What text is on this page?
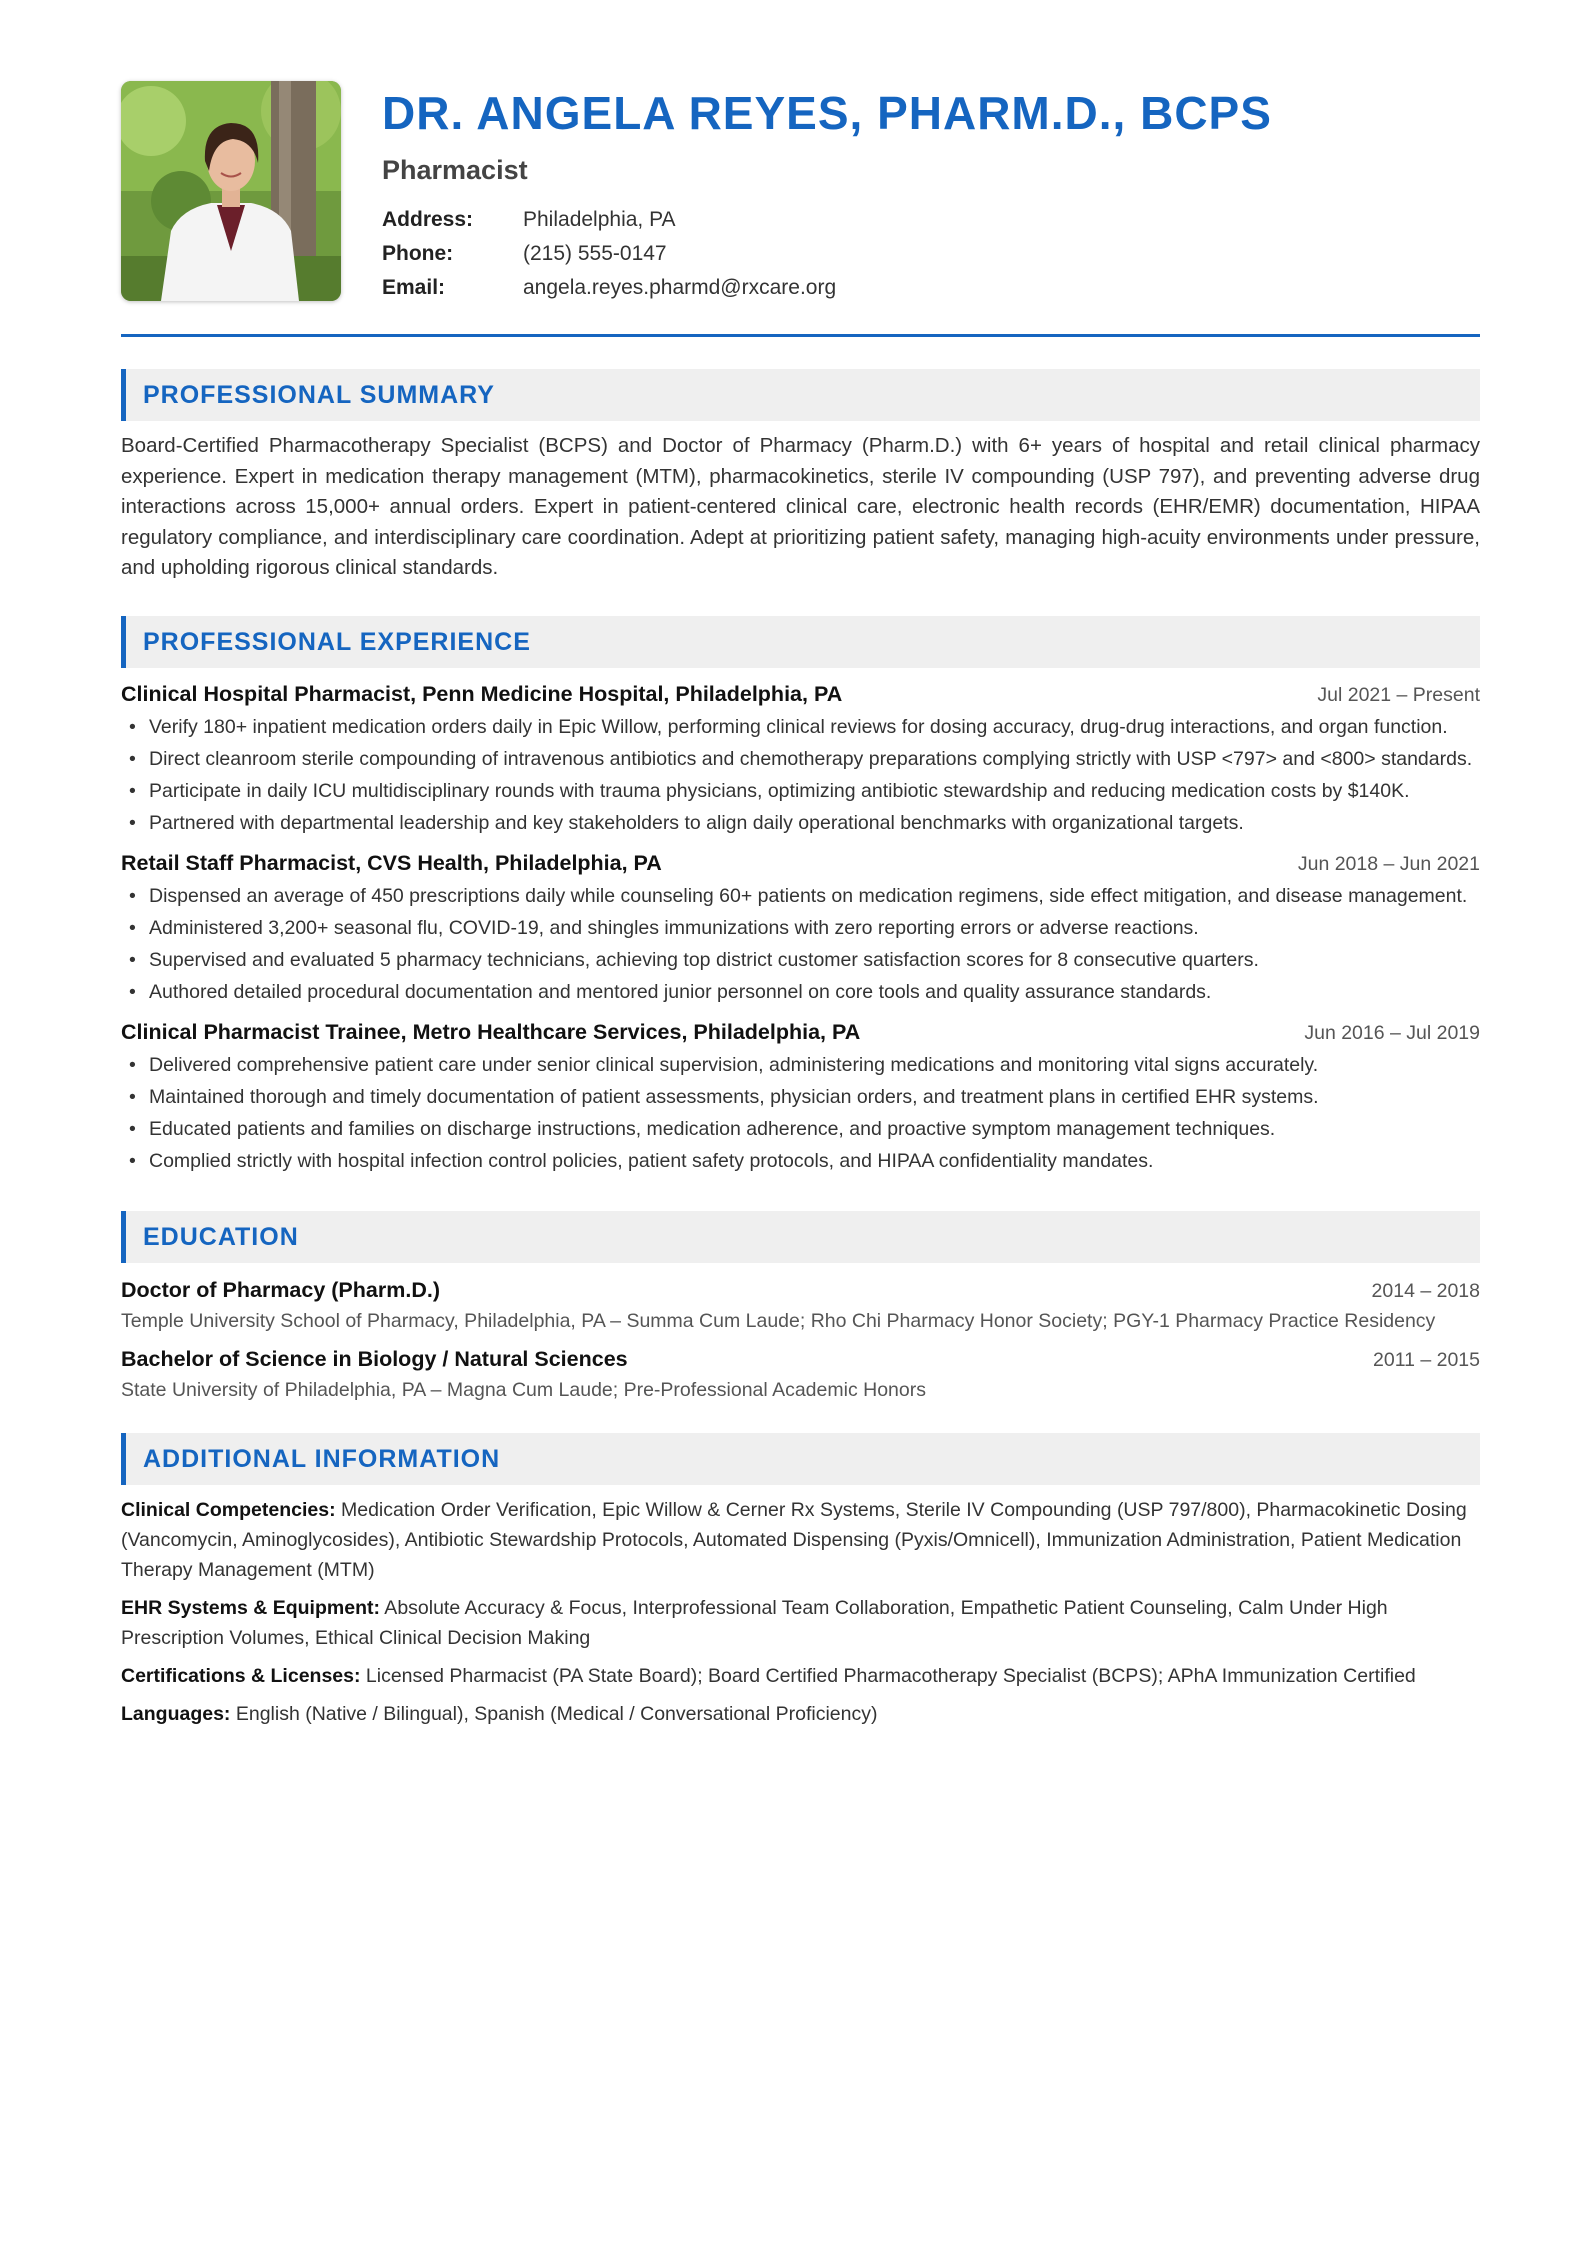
DR. ANGELA REYES, PHARM.D., BCPS
Pharmacist
Address:	Philadelphia, PA
Phone:	(215) 555-0147
Email:	angela.reyes.pharmd@rxcare.org
PROFESSIONAL SUMMARY
Board-Certified Pharmacotherapy Specialist (BCPS) and Doctor of Pharmacy (Pharm.D.) with 6+ years of hospital and retail clinical pharmacy experience. Expert in medication therapy management (MTM), pharmacokinetics, sterile IV compounding (USP 797), and preventing adverse drug interactions across 15,000+ annual orders. Expert in patient-centered clinical care, electronic health records (EHR/EMR) documentation, HIPAA regulatory compliance, and interdisciplinary care coordination. Adept at prioritizing patient safety, managing high-acuity environments under pressure, and upholding rigorous clinical standards.
PROFESSIONAL EXPERIENCE
Clinical Hospital Pharmacist, Penn Medicine Hospital, Philadelphia, PA	Jul 2021 – Present
• Verify 180+ inpatient medication orders daily in Epic Willow, performing clinical reviews for dosing accuracy, drug-drug interactions, and organ function.
• Direct cleanroom sterile compounding of intravenous antibiotics and chemotherapy preparations complying strictly with USP <797> and <800> standards.
• Participate in daily ICU multidisciplinary rounds with trauma physicians, optimizing antibiotic stewardship and reducing medication costs by $140K.
• Partnered with departmental leadership and key stakeholders to align daily operational benchmarks with organizational targets.
Retail Staff Pharmacist, CVS Health, Philadelphia, PA	Jun 2018 – Jun 2021
• Dispensed an average of 450 prescriptions daily while counseling 60+ patients on medication regimens, side effect mitigation, and disease management.
• Administered 3,200+ seasonal flu, COVID-19, and shingles immunizations with zero reporting errors or adverse reactions.
• Supervised and evaluated 5 pharmacy technicians, achieving top district customer satisfaction scores for 8 consecutive quarters.
• Authored detailed procedural documentation and mentored junior personnel on core tools and quality assurance standards.
Clinical Pharmacist Trainee, Metro Healthcare Services, Philadelphia, PA	Jun 2016 – Jul 2019
• Delivered comprehensive patient care under senior clinical supervision, administering medications and monitoring vital signs accurately.
• Maintained thorough and timely documentation of patient assessments, physician orders, and treatment plans in certified EHR systems.
• Educated patients and families on discharge instructions, medication adherence, and proactive symptom management techniques.
• Complied strictly with hospital infection control policies, patient safety protocols, and HIPAA confidentiality mandates.
EDUCATION
Doctor of Pharmacy (Pharm.D.)	2014 – 2018
Temple University School of Pharmacy, Philadelphia, PA – Summa Cum Laude; Rho Chi Pharmacy Honor Society; PGY-1 Pharmacy Practice Residency
Bachelor of Science in Biology / Natural Sciences	2011 – 2015
State University of Philadelphia, PA – Magna Cum Laude; Pre-Professional Academic Honors
ADDITIONAL INFORMATION
Clinical Competencies: Medication Order Verification, Epic Willow & Cerner Rx Systems, Sterile IV Compounding (USP 797/800), Pharmacokinetic Dosing (Vancomycin, Aminoglycosides), Antibiotic Stewardship Protocols, Automated Dispensing (Pyxis/Omnicell), Immunization Administration, Patient Medication Therapy Management (MTM)
EHR Systems & Equipment: Absolute Accuracy & Focus, Interprofessional Team Collaboration, Empathetic Patient Counseling, Calm Under High Prescription Volumes, Ethical Clinical Decision Making
Certifications & Licenses: Licensed Pharmacist (PA State Board); Board Certified Pharmacotherapy Specialist (BCPS); APhA Immunization Certified
Languages: English (Native / Bilingual), Spanish (Medical / Conversational Proficiency)
